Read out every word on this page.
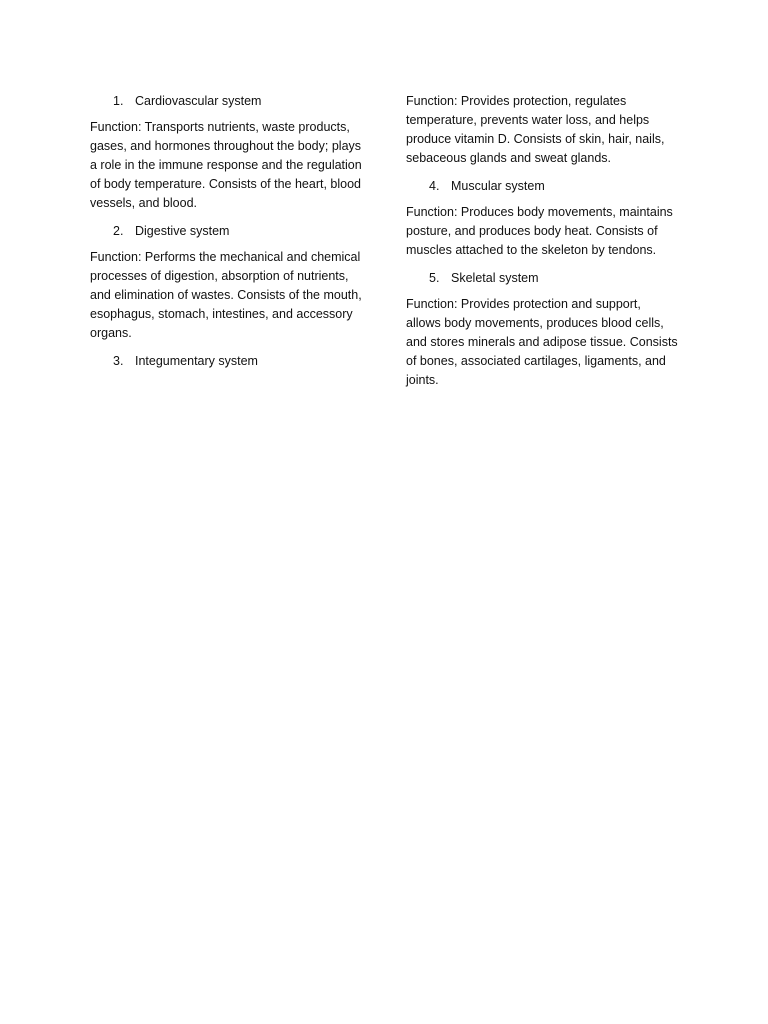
1. Cardiovascular system

Function: Transports nutrients, waste products, gases, and hormones throughout the body; plays a role in the immune response and the regulation of body temperature. Consists of the heart, blood vessels, and blood.

2. Digestive system

Function: Performs the mechanical and chemical processes of digestion, absorption of nutrients, and elimination of wastes. Consists of the mouth, esophagus, stomach, intestines, and accessory organs.

3. Integumentary system

Function: Provides protection, regulates temperature, prevents water loss, and helps produce vitamin D. Consists of skin, hair, nails, sebaceous glands and sweat glands.

4. Muscular system

Function: Produces body movements, maintains posture, and produces body heat. Consists of muscles attached to the skeleton by tendons.

5. Skeletal system

Function: Provides protection and support, allows body movements, produces blood cells, and stores minerals and adipose tissue. Consists of bones, associated cartilages, ligaments, and joints.
